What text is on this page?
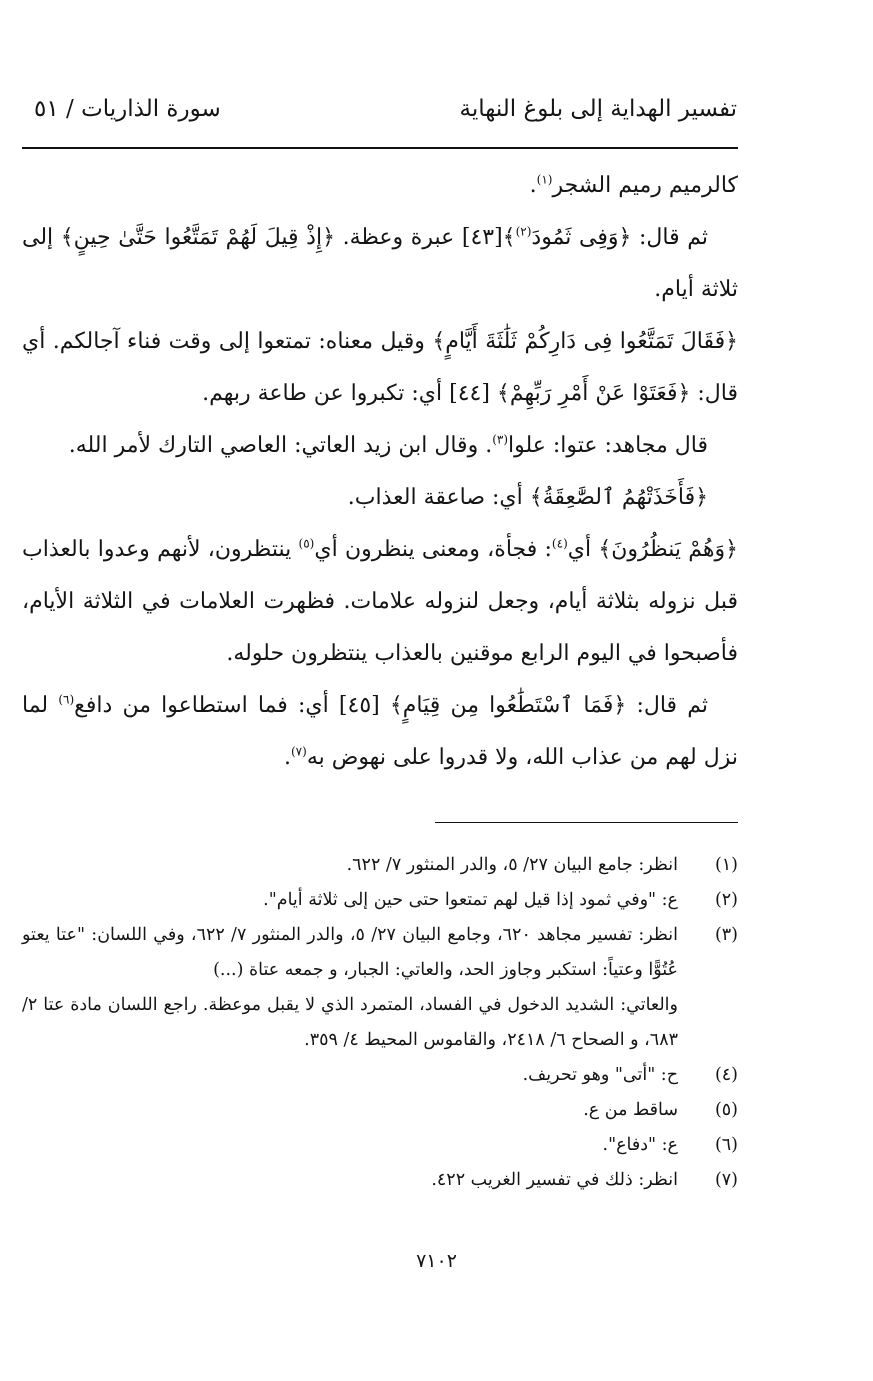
تفسير الهداية إلى بلوغ النهاية
سورة الذاريات / ٥١

كالرميم رميم الشجر$^{(١)}$.

ثم قال: ﴿وَفِى ثَمُودَ$^{(٢)}$﴾[٤٣] عبرة وعظة. ﴿إِذْ قِيلَ لَهُمْ تَمَتَّعُوا حَتَّىٰ حِينٍ﴾ إلى ثلاثة أيام.

﴿فَقَالَ تَمَتَّعُوا فِى دَارِكُمْ ثَلَٰثَةَ أَيَّامٍ﴾ وقيل معناه: تمتعوا إلى وقت فناء آجالكم. أي قال: ﴿فَعَتَوْا عَنْ أَمْرِ رَبِّهِمْ﴾ [٤٤] أي: تكبروا عن طاعة ربهم.

قال مجاهد: عتوا: علوا$^{(٣)}$. وقال ابن زيد العاتي: العاصي التارك لأمر الله.

﴿فَأَخَذَتْهُمُ ٱلصَّٰعِقَةُ﴾ أي: صاعقة العذاب.

﴿وَهُمْ يَنظُرُونَ﴾ أي$^{(٤)}$: فجأة، ومعنى ينظرون أي$^{(٥)}$ ينتظرون، لأنهم وعدوا بالعذاب قبل نزوله بثلاثة أيام، وجعل لنزوله علامات. فظهرت العلامات في الثلاثة الأيام، فأصبحوا في اليوم الرابع موقنين بالعذاب ينتظرون حلوله.

ثم قال: ﴿فَمَا ٱسْتَطَٰعُوا مِن قِيَامٍ﴾ [٤٥] أي: فما استطاعوا من دافع$^{(٦)}$ لما نزل لهم من عذاب الله، ولا قدروا على نهوض به$^{(٧)}$.

(١)
انظر: جامع البيان ٢٧/ ٥، والدر المنثور ٧/ ٦٢٢.
(٢)
ع: "وفي ثمود إذا قيل لهم تمتعوا حتى حين إلى ثلاثة أيام".
(٣)
انظر: تفسير مجاهد ٦٢٠، وجامع البيان ٢٧/ ٥، والدر المنثور ٧/ ٦٢٢، وفي اللسان: "عتا يعتو عُتُوًّا وعتياً: استكبر وجاوز الحد، والعاتي: الجبار، و جمعه عتاة (...)
والعاتي: الشديد الدخول في الفساد، المتمرد الذي لا يقبل موعظة. راجع اللسان مادة عتا ٢/ ٦٨٣، و الصحاح ٦/ ٢٤١٨، والقاموس المحيط ٤/ ٣٥٩.
(٤)
ح: "أتى" وهو تحريف.
(٥)
ساقط من ع.
(٦)
ع: "دفاع".
(٧)
انظر: ذلك في تفسير الغريب ٤٢٢.
٧١٠٢
